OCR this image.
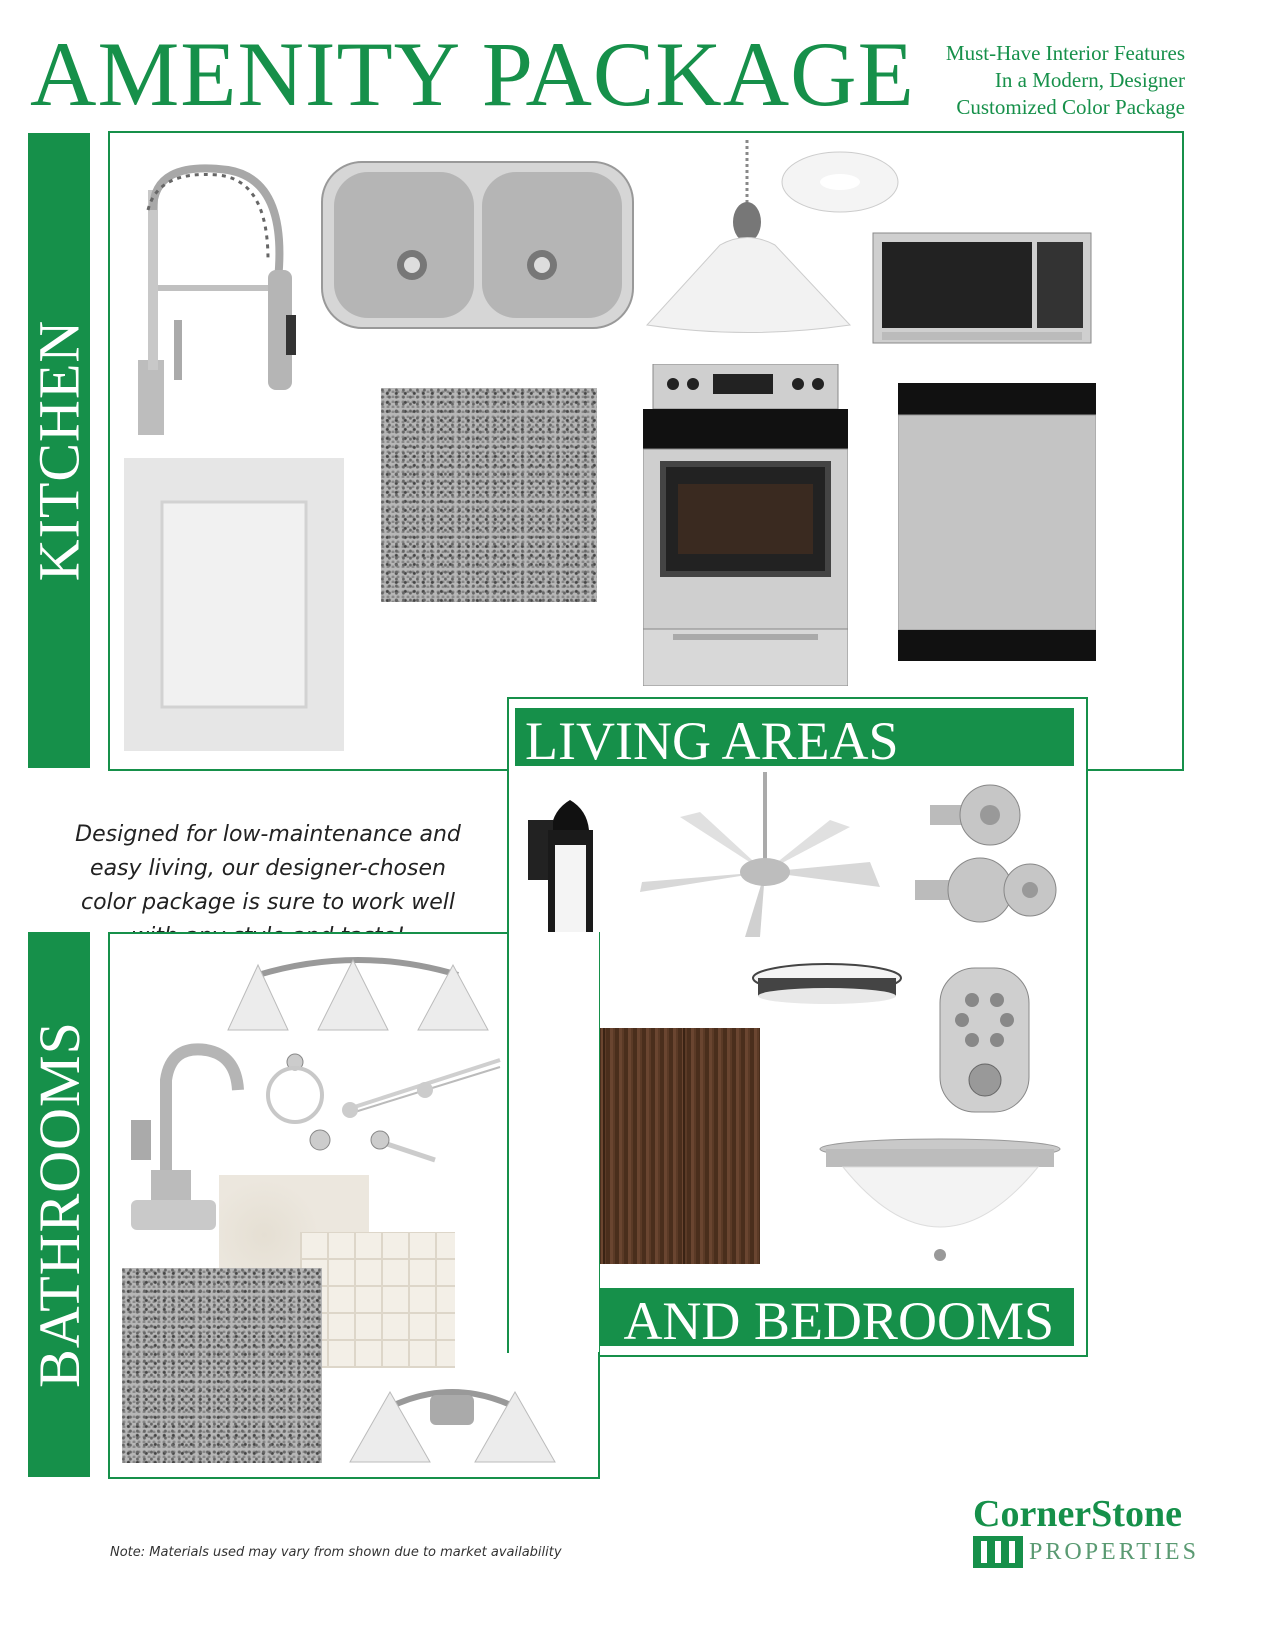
AMENITY PACKAGE Must-Have Interior Features
In a Modern, Designer
Customized Color Package
KITCHEN
LIVING AREAS
AND BEDROOMS
Designed for low-maintenance and
easy living, our designer-chosen
color package is sure to work well
BATHROOMS
Note: Materials used may vary from shown due to market availability
CornerStone
PROPERTIES
